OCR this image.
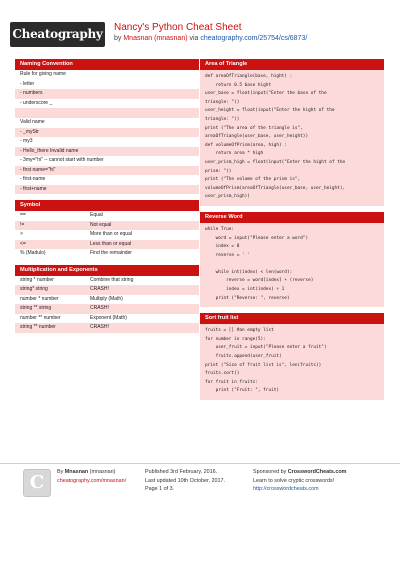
Cheatography Nancy's Python Cheat Sheet
by Mnasnan (mnasnan) via cheatography.com/25754/cs/6873/
Naming Convention
Rule for giving name
- letter
- numbers
- underscore _
Valid name
- _myStr
- my3
- Hello_there Invalid name
- 3my="hi" -- cannot start with number
- first name="hi"
- first-name
- first+name
Symbol
==	Equal
!=	Not equal
>	More than or equal
<=	Less than or equal
% (Madulo)	Find the remainder
Multiplication and Exponents
string * number	Combine that string
string* string	CRASH!
number * number	Multiply (Math)
string ** string	CRASH!
number ** number	Exponent (Math)
string ** number	CRASH!
Area of Triangle
def areaOfTriangle(base, hight) :
return 0.5 base hight
user_base = float(input("Enter the base of the
triangle: "))
user_height = float(input("Enter the hight of the
triangle: "))
print ("The area of the triangle is",
areaOfTriangle(user_base, user_height))
def volumeOfPrism(area, high) :
return area * high
user_prism_high = float(input("Enter the hight of the
prism: "))
print ("The volume of the prism is",
volumeOfPrism(areaOfTriangle(user_base, user_height),
user_prism_high))
Reverse Word
while True:
word = input("Please enter a word")
index = 0
reverse = ' '
while int(index) < len(word):
reverse = word[index] + (reverse)
index = int(index) + 1
print ("Reverse: ", reverse)
Sort fruit list
fruits = [] #an empty list
for number in range(5):
user_fruit = input("Please enter a fruit")
fruits.append(user_fruit)
print ("Size of fruit list is", len(fruits))
fruits.sort()
for fruit in fruits:
print ("Fruit: ", fruit)
C	By Mnasnan (mnasnan)
cheatography.com/mnasnan/
Published 3rd February, 2016.
Last updated 10th October, 2017.
Page 1 of 3.
Sponsored by CrosswordCheats.com
Learn to solve cryptic crosswords!
http://crosswordcheats.com
